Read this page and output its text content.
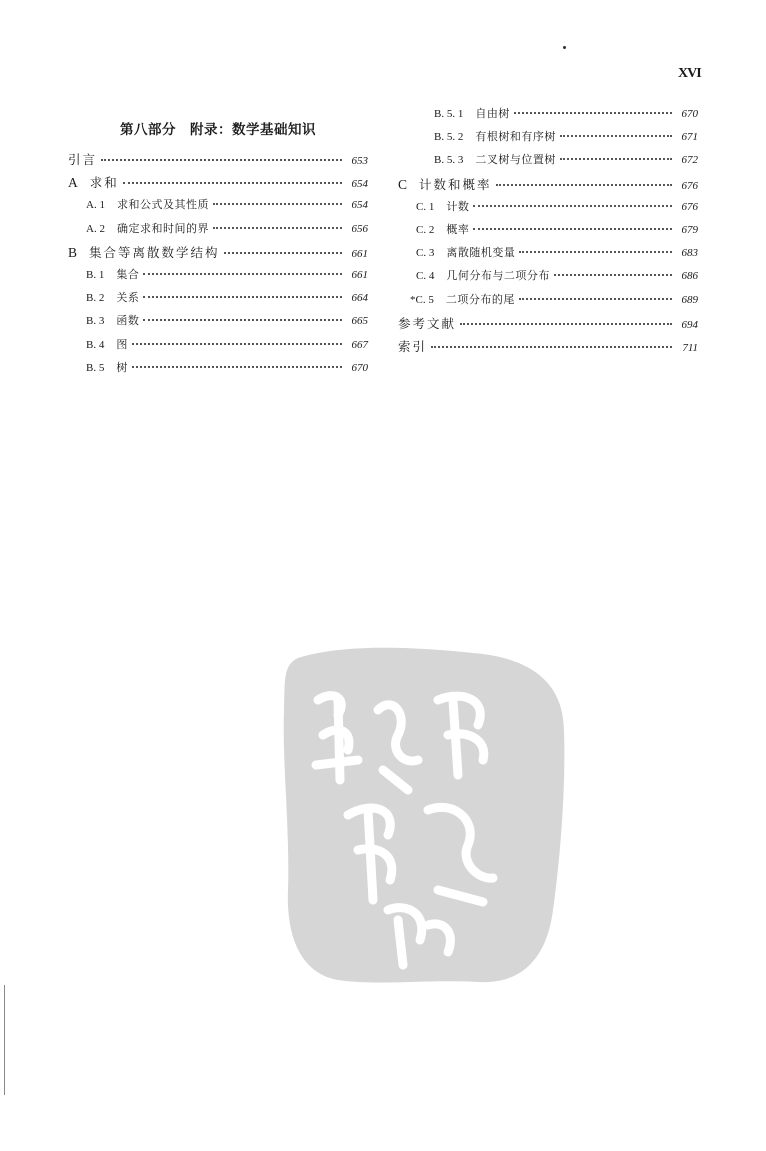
XVI
第八部分　附录：数学基础知识
引言	653
A 求和	654
A. 1 求和公式及其性质	654
A. 2 确定求和时间的界	656
B 集合等离散数学结构	661
B. 1 集合	661
B. 2 关系	664
B. 3 函数	665
B. 4 图	667
B. 5 树	670
B. 5. 1 自由树	670
B. 5. 2 有根树和有序树	671
B. 5. 3 二叉树与位置树	672
C 计数和概率	676
C. 1 计数	676
C. 2 概率	679
C. 3 离散随机变量	683
C. 4 几何分布与二项分布	686
*C. 5 二项分布的尾	689
参考文献	694
索引	711
